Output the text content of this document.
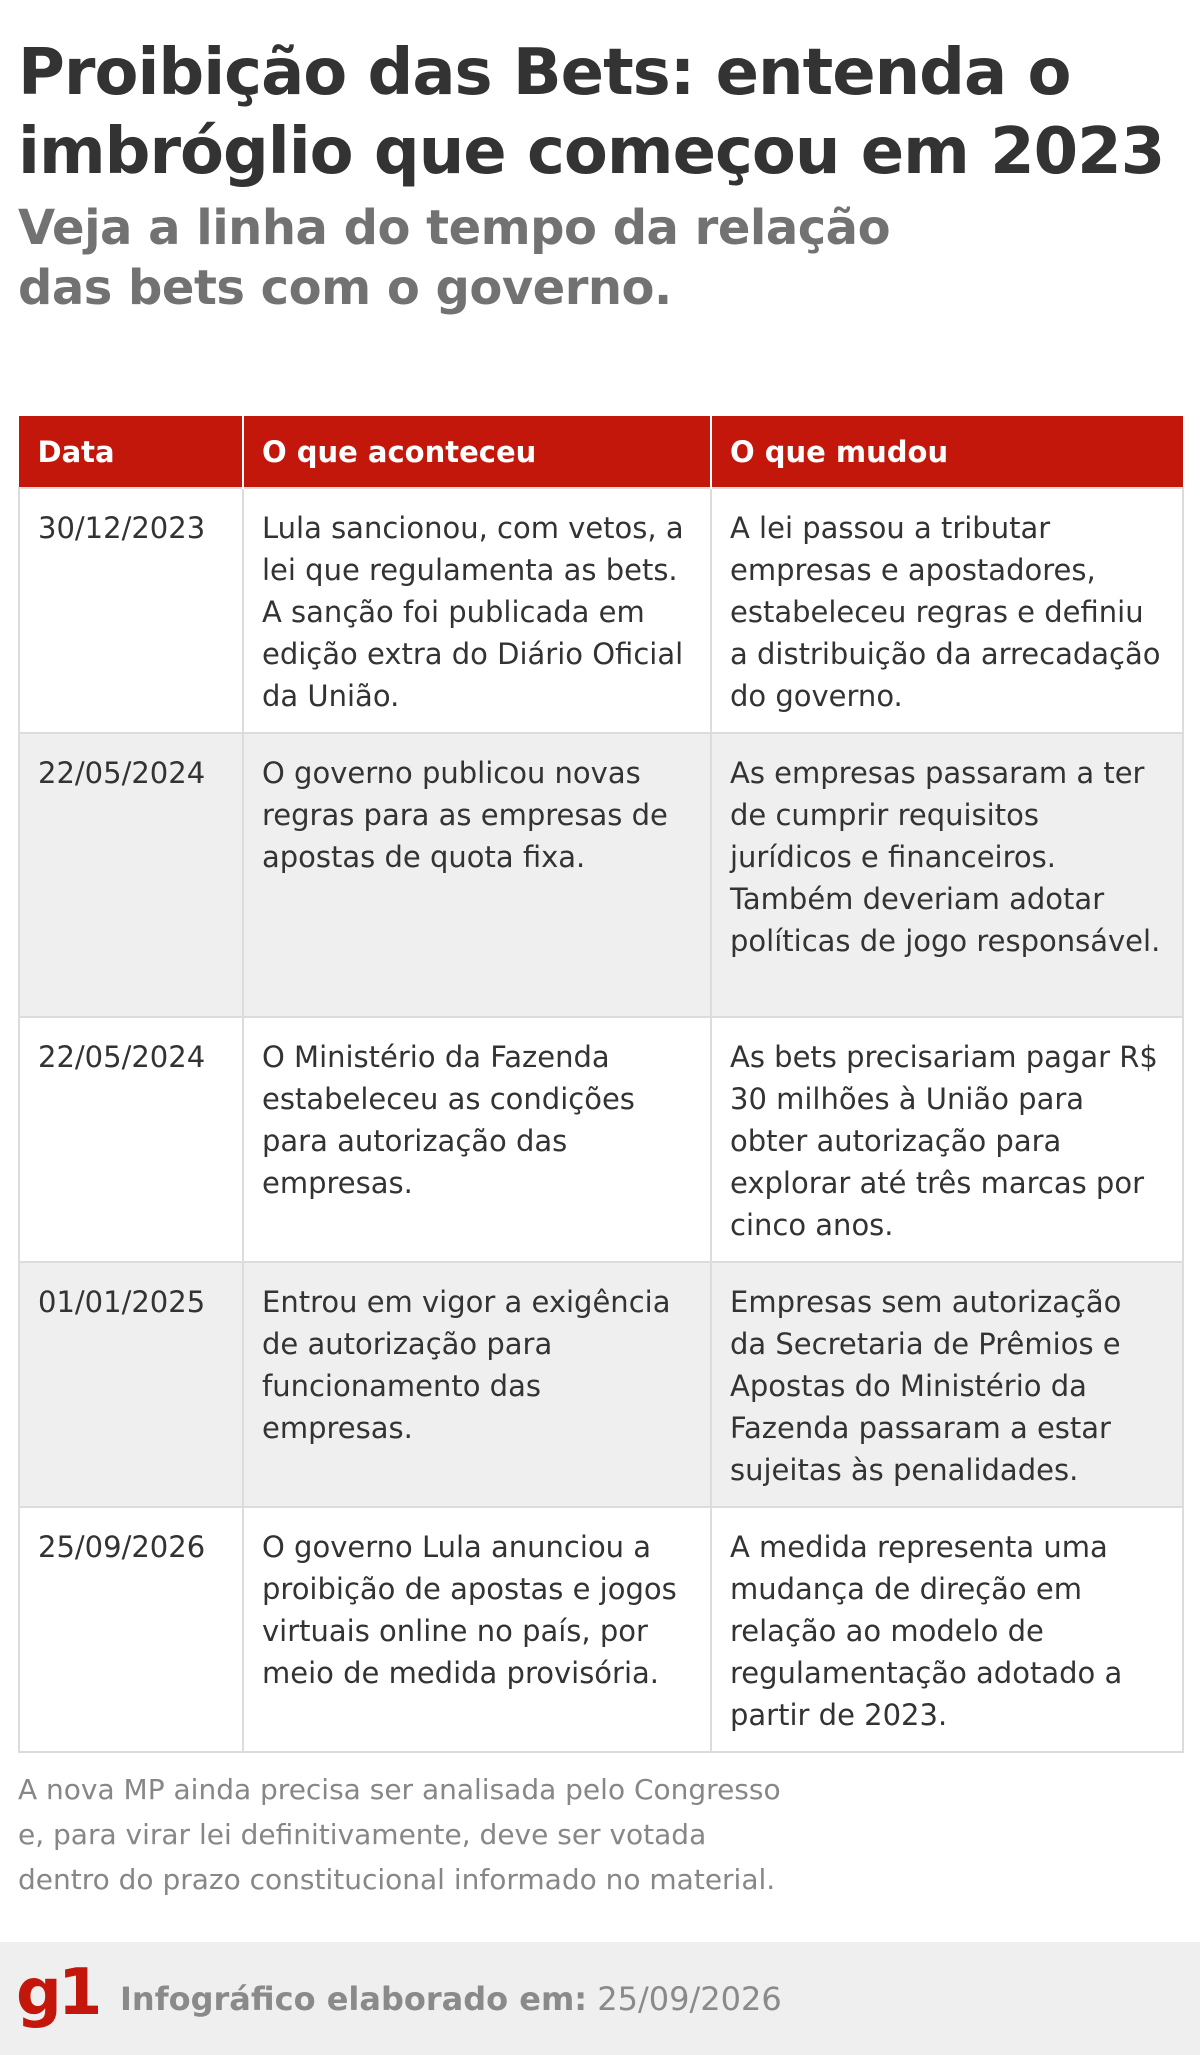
Proibição das Bets: entenda o imbróglio que começou em 2023
Veja a linha do tempo da relação das bets com o governo.
Data	O que aconteceu	O que mudou
30/12/2023	Lula sancionou, com vetos, a lei que regulamenta as bets. A sanção foi publicada em edição extra do Diário Oficial da União.	A lei passou a tributar empresas e apostadores, estabeleceu regras e definiu a distribuição da arrecadação do governo.
22/05/2024	O governo publicou novas regras para as empresas de apostas de quota fixa.	As empresas passaram a ter de cumprir requisitos jurídicos e financeiros. Também deveriam adotar políticas de jogo responsável.
22/05/2024	O Ministério da Fazenda estabeleceu as condições para autorização das empresas.	As bets precisariam pagar R$ 30 milhões à União para obter autorização para explorar até três marcas por cinco anos.
01/01/2025	Entrou em vigor a exigência de autorização para funcionamento das empresas.	Empresas sem autorização da Secretaria de Prêmios e Apostas do Ministério da Fazenda passaram a estar sujeitas às penalidades.
25/09/2026	O governo Lula anunciou a proibição de apostas e jogos virtuais online no país, por meio de medida provisória.	A medida representa uma mudança de direção em relação ao modelo de regulamentação adotado a partir de 2023.

A nova MP ainda precisa ser analisada pelo Congresso
e, para virar lei definitivamente, deve ser votada
dentro do prazo constitucional informado no material.

g1 Infográfico elaborado em: 25/09/2026
